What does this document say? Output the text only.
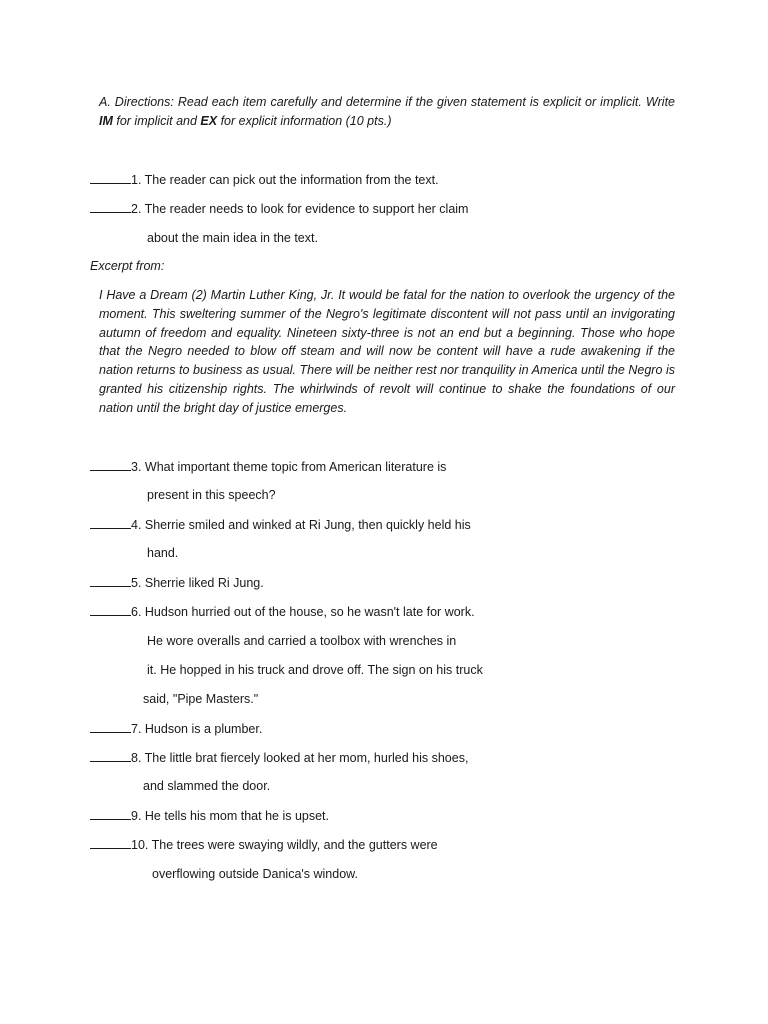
A. Directions: Read each item carefully and determine if the given statement is explicit or implicit. Write IM for implicit and EX for explicit information (10 pts.)
1. The reader can pick out the information from the text.
2. The reader needs to look for evidence to support her claim
about the main idea in the text.
Excerpt from:
I Have a Dream (2) Martin Luther King, Jr. It would be fatal for the nation to overlook the urgency of the moment. This sweltering summer of the Negro's legitimate discontent will not pass until an invigorating autumn of freedom and equality. Nineteen sixty-three is not an end but a beginning. Those who hope that the Negro needed to blow off steam and will now be content will have a rude awakening if the nation returns to business as usual. There will be neither rest nor tranquility in America until the Negro is granted his citizenship rights. The whirlwinds of revolt will continue to shake the foundations of our nation until the bright day of justice emerges.
3. What important theme topic from American literature is
present in this speech?
4. Sherrie smiled and winked at Ri Jung, then quickly held his
hand.
5. Sherrie liked Ri Jung.
6. Hudson hurried out of the house, so he wasn't late for work.
He wore overalls and carried a toolbox with wrenches in
it. He hopped in his truck and drove off. The sign on his truck
said, "Pipe Masters."
7. Hudson is a plumber.
8. The little brat fiercely looked at her mom, hurled his shoes,
and slammed the door.
9. He tells his mom that he is upset.
10. The trees were swaying wildly, and the gutters were
overflowing outside Danica's window.
